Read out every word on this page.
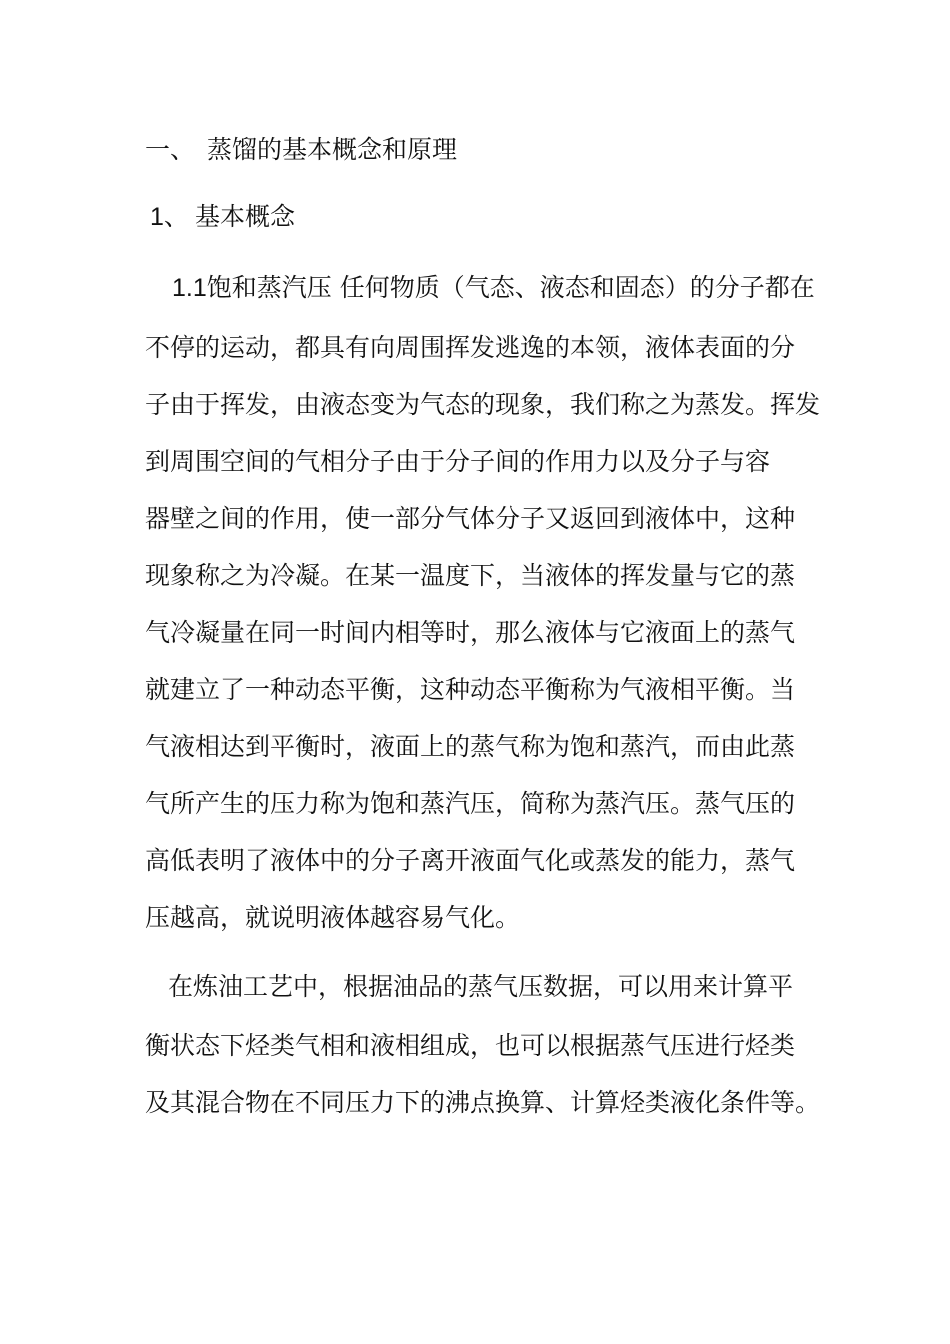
一、 蒸馏的基本概念和原理
1、 基本概念
1.1饱和蒸汽压 任何物质（气态、液态和固态）的分子都在
不停的运动，都具有向周围挥发逃逸的本领，液体表面的分
子由于挥发，由液态变为气态的现象，我们称之为蒸发。挥发
到周围空间的气相分子由于分子间的作用力以及分子与容
器壁之间的作用，使一部分气体分子又返回到液体中，这种
现象称之为冷凝。在某一温度下，当液体的挥发量与它的蒸
气冷凝量在同一时间内相等时，那么液体与它液面上的蒸气
就建立了一种动态平衡，这种动态平衡称为气液相平衡。当
气液相达到平衡时，液面上的蒸气称为饱和蒸汽，而由此蒸
气所产生的压力称为饱和蒸汽压，简称为蒸汽压。蒸气压的
高低表明了液体中的分子离开液面气化或蒸发的能力，蒸气
压越高，就说明液体越容易气化。
在炼油工艺中，根据油品的蒸气压数据，可以用来计算平
衡状态下烃类气相和液相组成，也可以根据蒸气压进行烃类
及其混合物在不同压力下的沸点换算、计算烃类液化条件等。
